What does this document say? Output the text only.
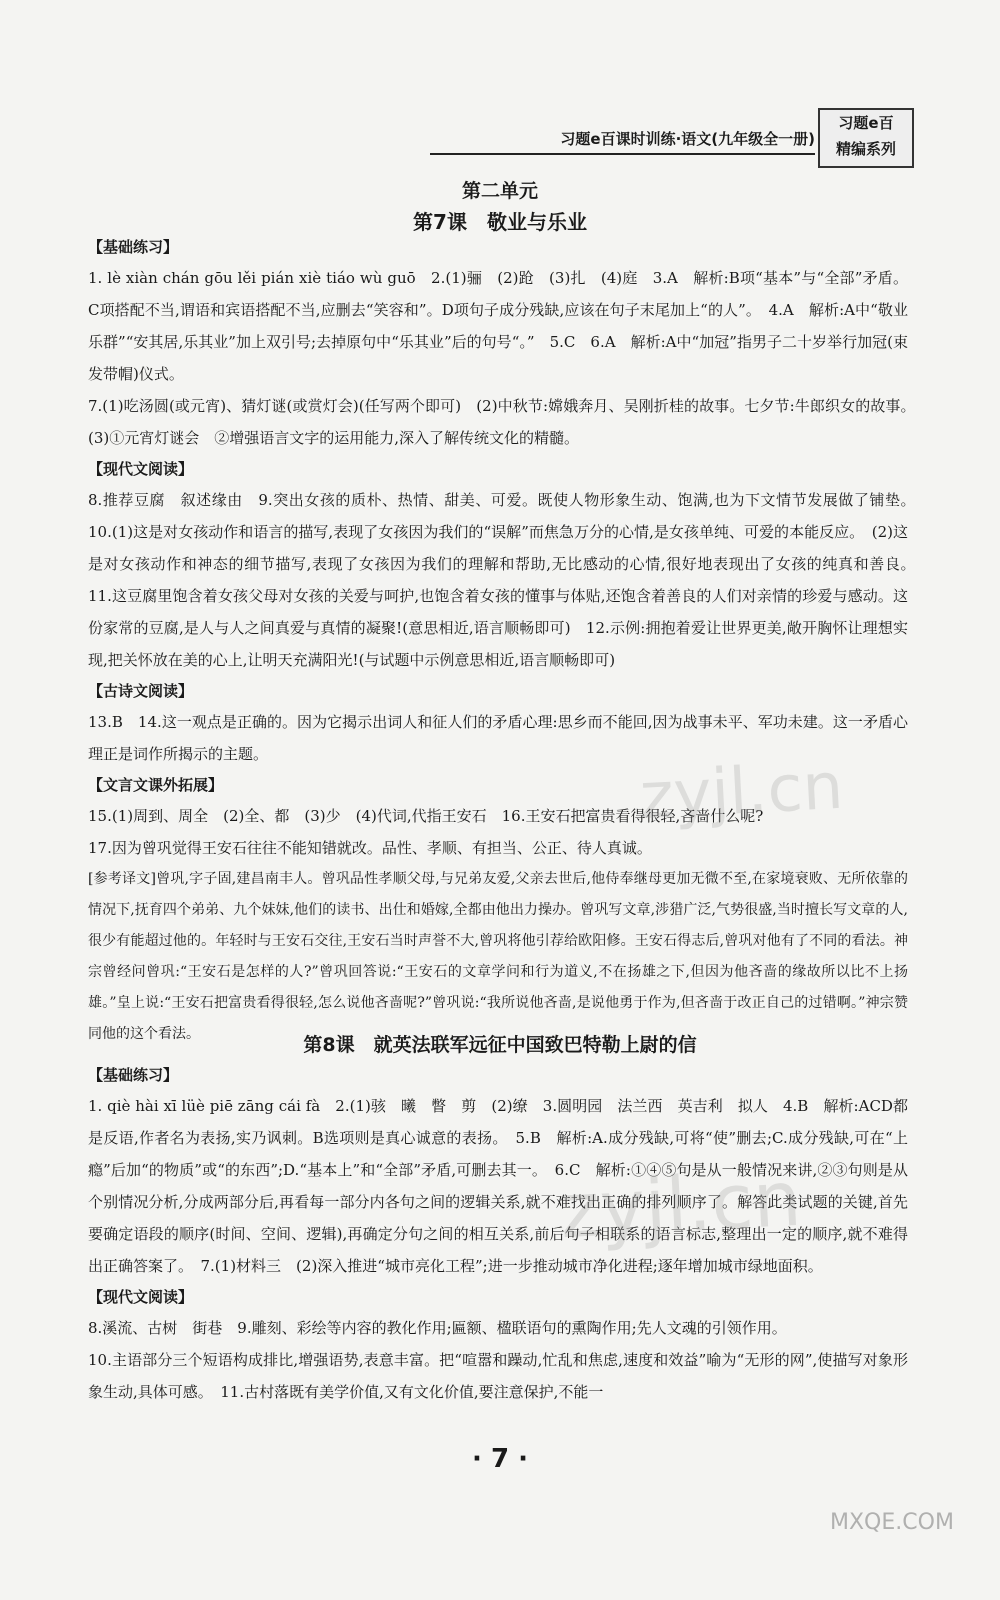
习题e百课时训练·语文(九年级全一册)
习题e百
精编系列
第二单元
第7课　敬业与乐业
【基础练习】
1. lè xiàn chán gōu lěi pián xiè tiáo wù guō　2.(1)骊　(2)跄　(3)扎　(4)庭　3.A　解析:B项“基本”与“全部”矛盾。C项搭配不当,谓语和宾语搭配不当,应删去“笑容和”。D项句子成分残缺,应该在句子末尾加上“的人”。　4.A　解析:A中“敬业乐群”“安其居,乐其业”加上双引号;去掉原句中“乐其业”后的句号“。”　5.C　6.A　解析:A中“加冠”指男子二十岁举行加冠(束发带帽)仪式。
7.(1)吃汤圆(或元宵)、猜灯谜(或赏灯会)(任写两个即可)　(2)中秋节:嫦娥奔月、吴刚折桂的故事。七夕节:牛郎织女的故事。　(3)①元宵灯谜会　②增强语言文字的运用能力,深入了解传统文化的精髓。
【现代文阅读】
8.推荐豆腐　叙述缘由　9.突出女孩的质朴、热情、甜美、可爱。既使人物形象生动、饱满,也为下文情节发展做了铺垫。　10.(1)这是对女孩动作和语言的描写,表现了女孩因为我们的“误解”而焦急万分的心情,是女孩单纯、可爱的本能反应。　(2)这是对女孩动作和神态的细节描写,表现了女孩因为我们的理解和帮助,无比感动的心情,很好地表现出了女孩的纯真和善良。　11.这豆腐里饱含着女孩父母对女孩的关爱与呵护,也饱含着女孩的懂事与体贴,还饱含着善良的人们对亲情的珍爱与感动。这份家常的豆腐,是人与人之间真爱与真情的凝聚!(意思相近,语言顺畅即可)　12.示例:拥抱着爱让世界更美,敞开胸怀让理想实现,把关怀放在美的心上,让明天充满阳光!(与试题中示例意思相近,语言顺畅即可)
【古诗文阅读】
13.B　14.这一观点是正确的。因为它揭示出词人和征人们的矛盾心理:思乡而不能回,因为战事未平、军功未建。这一矛盾心理正是词作所揭示的主题。
【文言文课外拓展】
15.(1)周到、周全　(2)全、都　(3)少　(4)代词,代指王安石　16.王安石把富贵看得很轻,吝啬什么呢?
17.因为曾巩觉得王安石往往不能知错就改。品性、孝顺、有担当、公正、待人真诚。
[参考译文]曾巩,字子固,建昌南丰人。曾巩品性孝顺父母,与兄弟友爱,父亲去世后,他侍奉继母更加无微不至,在家境衰败、无所依靠的情况下,抚育四个弟弟、九个妹妹,他们的读书、出仕和婚嫁,全都由他出力操办。曾巩写文章,涉猎广泛,气势很盛,当时擅长写文章的人,很少有能超过他的。年轻时与王安石交往,王安石当时声誉不大,曾巩将他引荐给欧阳修。王安石得志后,曾巩对他有了不同的看法。神宗曾经问曾巩:“王安石是怎样的人?”曾巩回答说:“王安石的文章学问和行为道义,不在扬雄之下,但因为他吝啬的缘故所以比不上扬雄。”皇上说:“王安石把富贵看得很轻,怎么说他吝啬呢?”曾巩说:“我所说他吝啬,是说他勇于作为,但吝啬于改正自己的过错啊。”神宗赞同他的这个看法。	第8课　就英法联军远征中国致巴特勒上尉的信
【基础练习】
1. qiè hài xī lüè piē zāng cái fà　2.(1)骇　曦　瞥　剪　(2)缭　3.圆明园　法兰西　英吉利　拟人　4.B　解析:ACD都是反语,作者名为表扬,实乃讽刺。B选项则是真心诚意的表扬。　5.B　解析:A.成分残缺,可将“使”删去;C.成分残缺,可在“上瘾”后加“的物质”或“的东西”;D.“基本上”和“全部”矛盾,可删去其一。　6.C　解析:①④⑤句是从一般情况来讲,②③句则是从个别情况分析,分成两部分后,再看每一部分内各句之间的逻辑关系,就不难找出正确的排列顺序了。解答此类试题的关键,首先要确定语段的顺序(时间、空间、逻辑),再确定分句之间的相互关系,前后句子相联系的语言标志,整理出一定的顺序,就不难得出正确答案了。　7.(1)材料三　(2)深入推进“城市亮化工程”;进一步推动城市净化进程;逐年增加城市绿地面积。
【现代文阅读】
8.溪流、古树　街巷　9.雕刻、彩绘等内容的教化作用;匾额、楹联语句的熏陶作用;先人文魂的引领作用。
10.主语部分三个短语构成排比,增强语势,表意丰富。把“喧嚣和躁动,忙乱和焦虑,速度和效益”喻为“无形的网”,使描写对象形象生动,具体可感。　11.古村落既有美学价值,又有文化价值,要注意保护,不能一
· 7 ·
zyjl.cn
zyjl.cn
MXQE.COM
